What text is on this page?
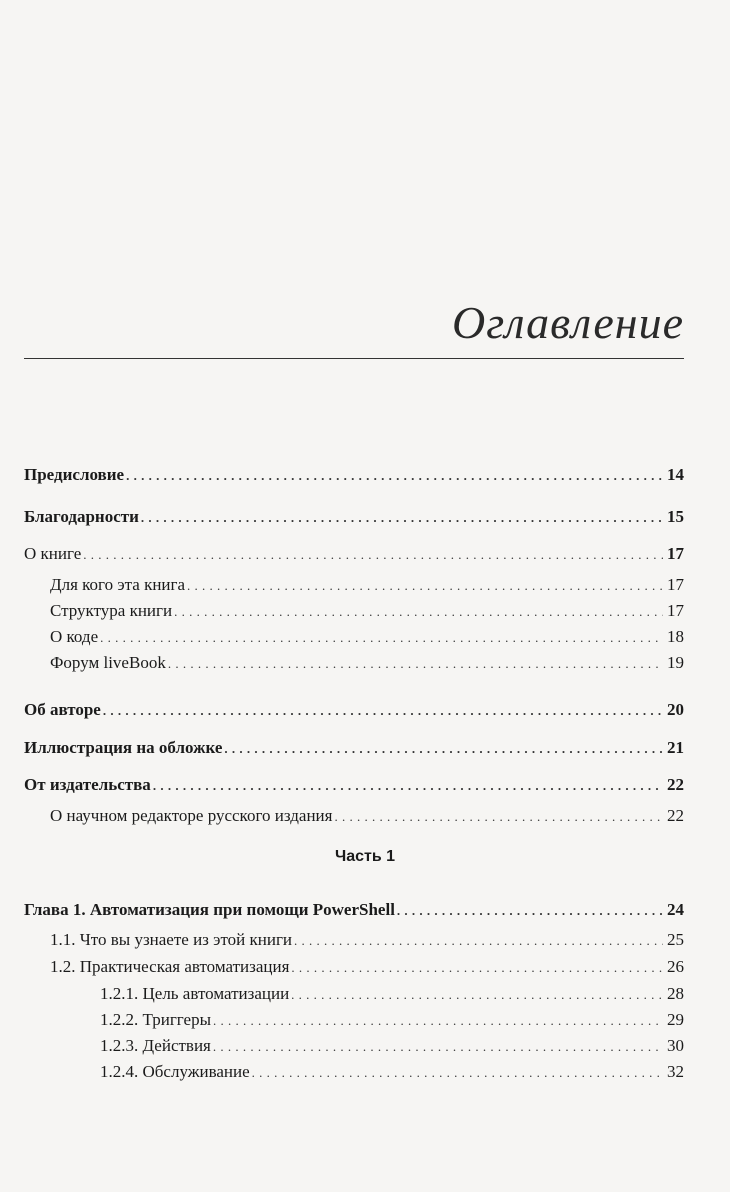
Оглавление
Предисловие . . .	14
Благодарности . . .	15
О книге . . .	17
Для кого эта книга . . .	17
Структура книги . . .	17
О коде . . .	18
Форум liveBook . . .	19
Об авторе . . .	20
Иллюстрация на обложке . . .	21
От издательства . . .	22
О научном редакторе русского издания . . .	22
Часть 1
Глава 1. Автоматизация при помощи PowerShell . . .	24
1.1. Что вы узнаете из этой книги . . .	25
1.2. Практическая автоматизация . . .	26
1.2.1. Цель автоматизации . . .	28
1.2.2. Триггеры . . .	29
1.2.3. Действия . . .	30
1.2.4. Обслуживание . . .	32
